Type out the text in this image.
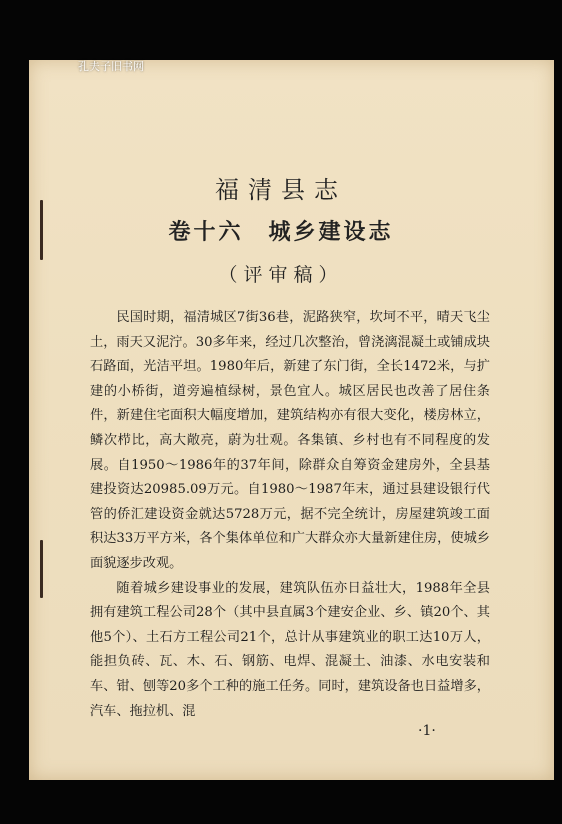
孔夫子旧书网
福清县志
卷十六　城乡建设志
（评审稿）

民国时期，福清城区7街36巷，泥路狭窄，坎坷不平，晴天飞尘土，雨天又泥泞。30多年来，经过几次整治，曾浇漓混凝土或铺成块石路面，光洁平坦。1980年后，新建了东门街，全长1472米，与扩建的小桥街，道旁遍植绿树，景色宜人。城区居民也改善了居住条件，新建住宅面积大幅度增加，建筑结构亦有很大变化，楼房林立，鳞次栉比，高大敞亮，蔚为壮观。各集镇、乡村也有不同程度的发展。自1950～1986年的37年间，除群众自筹资金建房外，全县基建投资达20985.09万元。自1980～1987年末，通过县建设银行代管的侨汇建设资金就达5728万元，据不完全统计，房屋建筑竣工面积达33万平方米，各个集体单位和广大群众亦大量新建住房，使城乡面貌逐步改观。

随着城乡建设事业的发展，建筑队伍亦日益壮大，1988年全县拥有建筑工程公司28个（其中县直属3个建安企业、乡、镇20个、其他5个）、土石方工程公司21个，总计从事建筑业的职工达10万人，能担负砖、瓦、木、石、钢筋、电焊、混凝土、油漆、水电安装和车、钳、刨等20多个工种的施工任务。同时，建筑设备也日益增多，汽车、拖拉机、混

·1·
